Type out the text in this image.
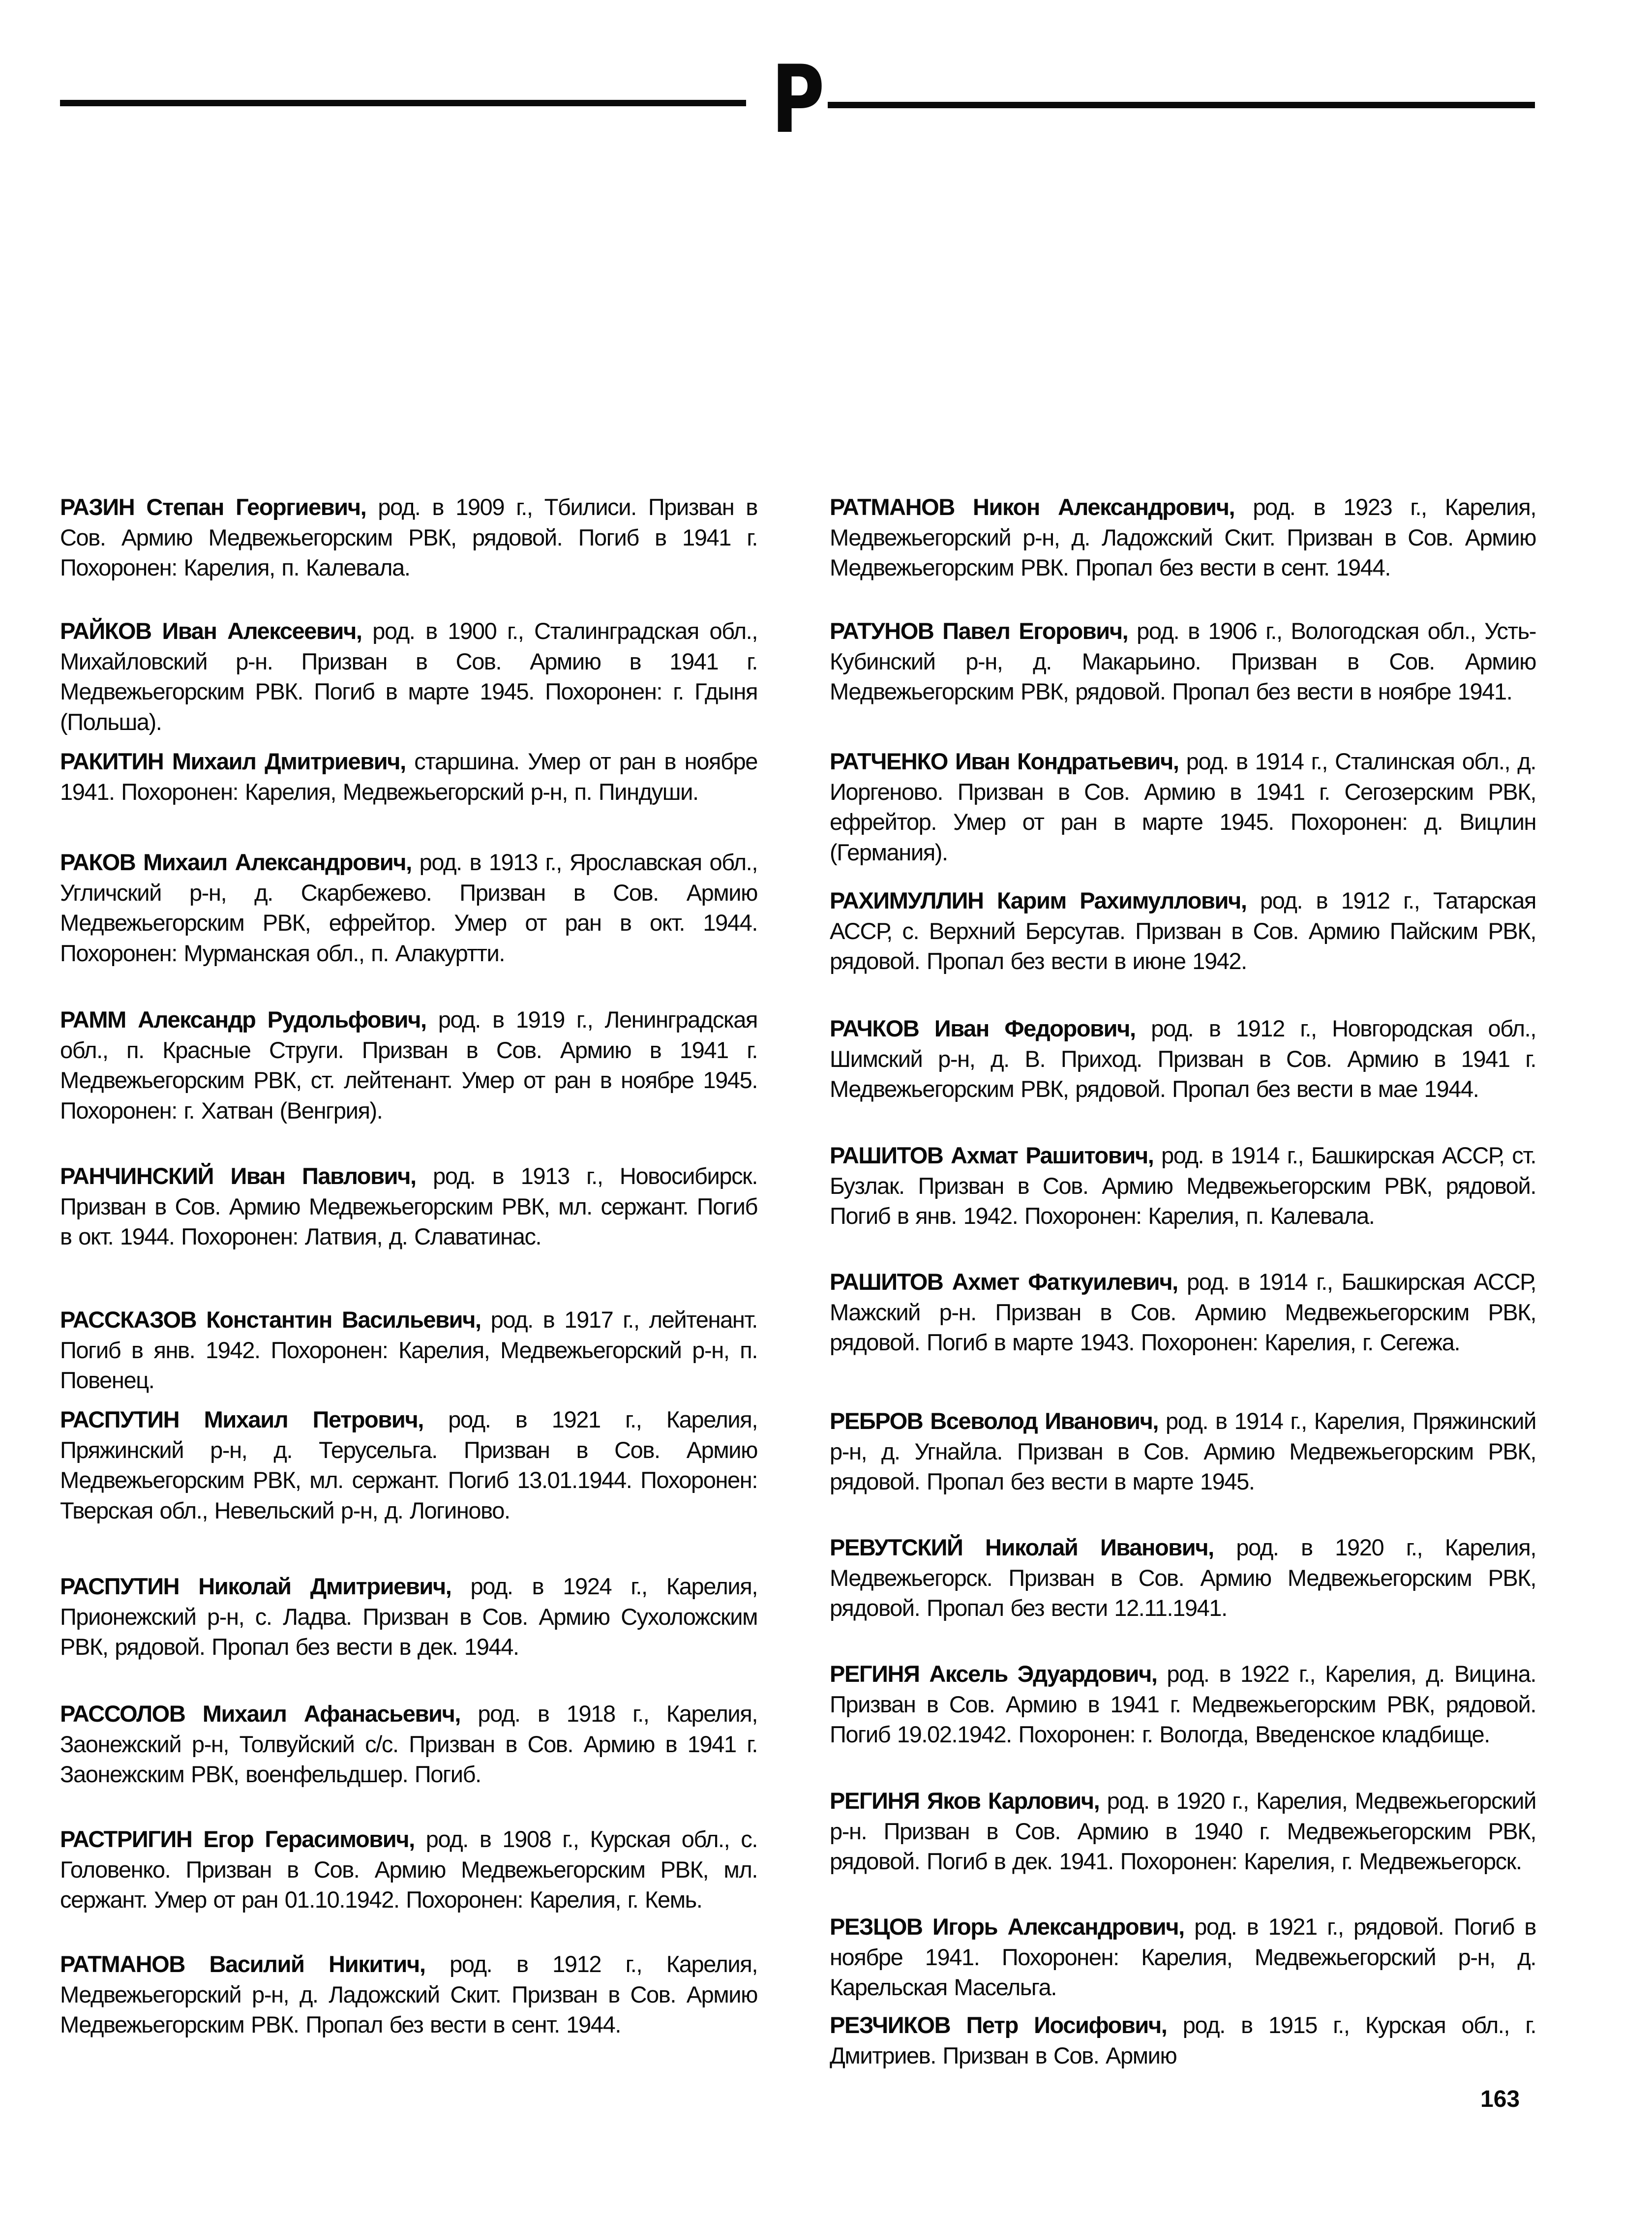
Р
РАЗИН Степан Георгиевич, род. в 1909 г., Тбилиси. Призван в Сов. Армию Медвежьегорским РВК, рядовой. Погиб в 1941 г. Похоронен: Карелия, п. Калевала.
РАЙКОВ Иван Алексеевич, род. в 1900 г., Сталинградская обл., Михайловский р-н. Призван в Сов. Армию в 1941 г. Медвежьегорским РВК. Погиб в марте 1945. Похоронен: г. Гдыня (Польша).
РАКИТИН Михаил Дмитриевич, старшина. Умер от ран в ноябре 1941. Похоронен: Карелия, Медвежьегорский р-н, п. Пиндуши.
РАКОВ Михаил Александрович, род. в 1913 г., Ярославская обл., Угличский р-н, д. Скарбежево. Призван в Сов. Армию Медвежьегорским РВК, ефрейтор. Умер от ран в окт. 1944. Похоронен: Мурманская обл., п. Алакуртти.
РАММ Александр Рудольфович, род. в 1919 г., Ленинградская обл., п. Красные Струги. Призван в Сов. Армию в 1941 г. Медвежьегорским РВК, ст. лейтенант. Умер от ран в ноябре 1945. Похоронен: г. Хатван (Венгрия).
РАНЧИНСКИЙ Иван Павлович, род. в 1913 г., Новосибирск. Призван в Сов. Армию Медвежьегорским РВК, мл. сержант. Погиб в окт. 1944. Похоронен: Латвия, д. Славатинас.
РАССКАЗОВ Константин Васильевич, род. в 1917 г., лейтенант. Погиб в янв. 1942. Похоронен: Карелия, Медвежьегорский р-н, п. Повенец.
РАСПУТИН Михаил Петрович, род. в 1921 г., Карелия, Пряжинский р-н, д. Терусельга. Призван в Сов. Армию Медвежьегорским РВК, мл. сержант. Погиб 13.01.1944. Похоронен: Тверская обл., Невельский р-н, д. Логиново.
РАСПУТИН Николай Дмитриевич, род. в 1924 г., Карелия, Прионежский р-н, с. Ладва. Призван в Сов. Армию Сухоложским РВК, рядовой. Пропал без вести в дек. 1944.
РАССОЛОВ Михаил Афанасьевич, род. в 1918 г., Карелия, Заонежский р-н, Толвуйский с/с. Призван в Сов. Армию в 1941 г. Заонежским РВК, военфельдшер. Погиб.
РАСТРИГИН Егор Герасимович, род. в 1908 г., Курская обл., с. Головенко. Призван в Сов. Армию Медвежьегорским РВК, мл. сержант. Умер от ран 01.10.1942. Похоронен: Карелия, г. Кемь.
РАТМАНОВ Василий Никитич, род. в 1912 г., Карелия, Медвежьегорский р-н, д. Ладожский Скит. Призван в Сов. Армию Медвежьегорским РВК. Пропал без вести в сент. 1944.
РАТМАНОВ Никон Александрович, род. в 1923 г., Карелия, Медвежьегорский р-н, д. Ладожский Скит. Призван в Сов. Армию Медвежьегорским РВК. Пропал без вести в сент. 1944.
РАТУНОВ Павел Егорович, род. в 1906 г., Вологодская обл., Усть-Кубинский р-н, д. Макарьино. Призван в Сов. Армию Медвежьегорским РВК, рядовой. Пропал без вести в ноябре 1941.
РАТЧЕНКО Иван Кондратьевич, род. в 1914 г., Сталинская обл., д. Иоргеново. Призван в Сов. Армию в 1941 г. Сегозерским РВК, ефрейтор. Умер от ран в марте 1945. Похоронен: д. Вицлин (Германия).
РАХИМУЛЛИН Карим Рахимуллович, род. в 1912 г., Татарская АССР, с. Верхний Берсутав. Призван в Сов. Армию Пайским РВК, рядовой. Пропал без вести в июне 1942.
РАЧКОВ Иван Федорович, род. в 1912 г., Новгородская обл., Шимский р-н, д. В. Приход. Призван в Сов. Армию в 1941 г. Медвежьегорским РВК, рядовой. Пропал без вести в мае 1944.
РАШИТОВ Ахмат Рашитович, род. в 1914 г., Башкирская АССР, ст. Бузлак. Призван в Сов. Армию Медвежьегорским РВК, рядовой. Погиб в янв. 1942. Похоронен: Карелия, п. Калевала.
РАШИТОВ Ахмет Фаткуилевич, род. в 1914 г., Башкирская АССР, Мажский р-н. Призван в Сов. Армию Медвежьегорским РВК, рядовой. Погиб в марте 1943. Похоронен: Карелия, г. Сегежа.
РЕБРОВ Всеволод Иванович, род. в 1914 г., Карелия, Пряжинский р-н, д. Угнайла. Призван в Сов. Армию Медвежьегорским РВК, рядовой. Пропал без вести в марте 1945.
РЕВУТСКИЙ Николай Иванович, род. в 1920 г., Карелия, Медвежьегорск. Призван в Сов. Армию Медвежьегорским РВК, рядовой. Пропал без вести 12.11.1941.
РЕГИНЯ Аксель Эдуардович, род. в 1922 г., Карелия, д. Вицина. Призван в Сов. Армию в 1941 г. Медвежьегорским РВК, рядовой. Погиб 19.02.1942. Похоронен: г. Вологда, Введенское кладбище.
РЕГИНЯ Яков Карлович, род. в 1920 г., Карелия, Медвежьегорский р-н. Призван в Сов. Армию в 1940 г. Медвежьегорским РВК, рядовой. Погиб в дек. 1941. Похоронен: Карелия, г. Медвежьегорск.
РЕЗЦОВ Игорь Александрович, род. в 1921 г., рядовой. Погиб в ноябре 1941. Похоронен: Карелия, Медвежьегорский р-н, д. Карельская Масельга.
РЕЗЧИКОВ Петр Иосифович, род. в 1915 г., Курская обл., г. Дмитриев. Призван в Сов. Армию
163
